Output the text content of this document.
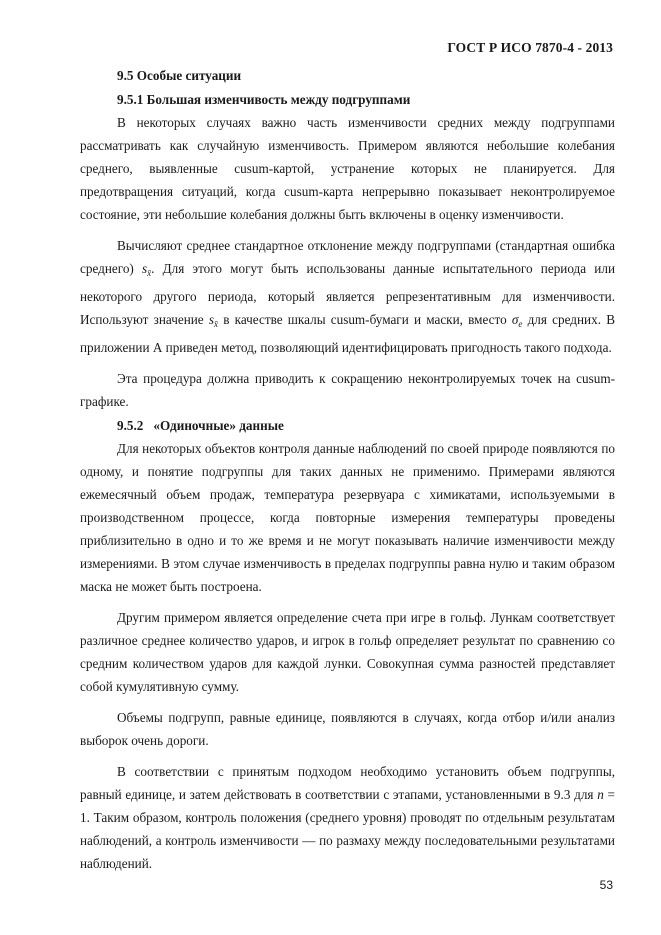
ГОСТ Р ИСО 7870-4 - 2013
9.5 Особые ситуации
9.5.1 Большая изменчивость между подгруппами

В некоторых случаях важно часть изменчивости средних между подгруппами рассматривать как случайную изменчивость. Примером являются небольшие колебания среднего, выявленные cusum-картой, устранение которых не планируется. Для предотвращения ситуаций, когда cusum-карта непрерывно показывает неконтролируемое состояние, эти небольшие колебания должны быть включены в оценку изменчивости.

Вычисляют среднее стандартное отклонение между подгруппами (стандартная ошибка среднего) $s_{x̄}$. Для этого могут быть использованы данные испытательного периода или некоторого другого периода, который является репрезентативным для изменчивости. Используют значение $s_{x̄}$ в качестве шкалы cusum-бумаги и маски, вместо $\sigma_e$ для средних. В приложении А приведен метод, позволяющий идентифицировать пригодность такого подхода.

Эта процедура должна приводить к сокращению неконтролируемых точек на cusum-графике.

9.5.2 «Одиночные» данные

Для некоторых объектов контроля данные наблюдений по своей природе появляются по одному, и понятие подгруппы для таких данных не применимо. Примерами являются ежемесячный объем продаж, температура резервуара с химикатами, используемыми в производственном процессе, когда повторные измерения температуры проведены приблизительно в одно и то же время и не могут показывать наличие изменчивости между измерениями. В этом случае изменчивость в пределах подгруппы равна нулю и таким образом маска не может быть построена.

Другим примером является определение счета при игре в гольф. Лункам соответствует различное среднее количество ударов, и игрок в гольф определяет результат по сравнению со средним количеством ударов для каждой лунки. Совокупная сумма разностей представляет собой кумулятивную сумму.

Объемы подгрупп, равные единице, появляются в случаях, когда отбор и/или анализ выборок очень дороги.

В соответствии с принятым подходом необходимо установить объем подгруппы, равный единице, и затем действовать в соответствии с этапами, установленными в 9.3 для n = 1. Таким образом, контроль положения (среднего уровня) проводят по отдельным результатам наблюдений, а контроль изменчивости — по размаху между последовательными результатами наблюдений.

53
